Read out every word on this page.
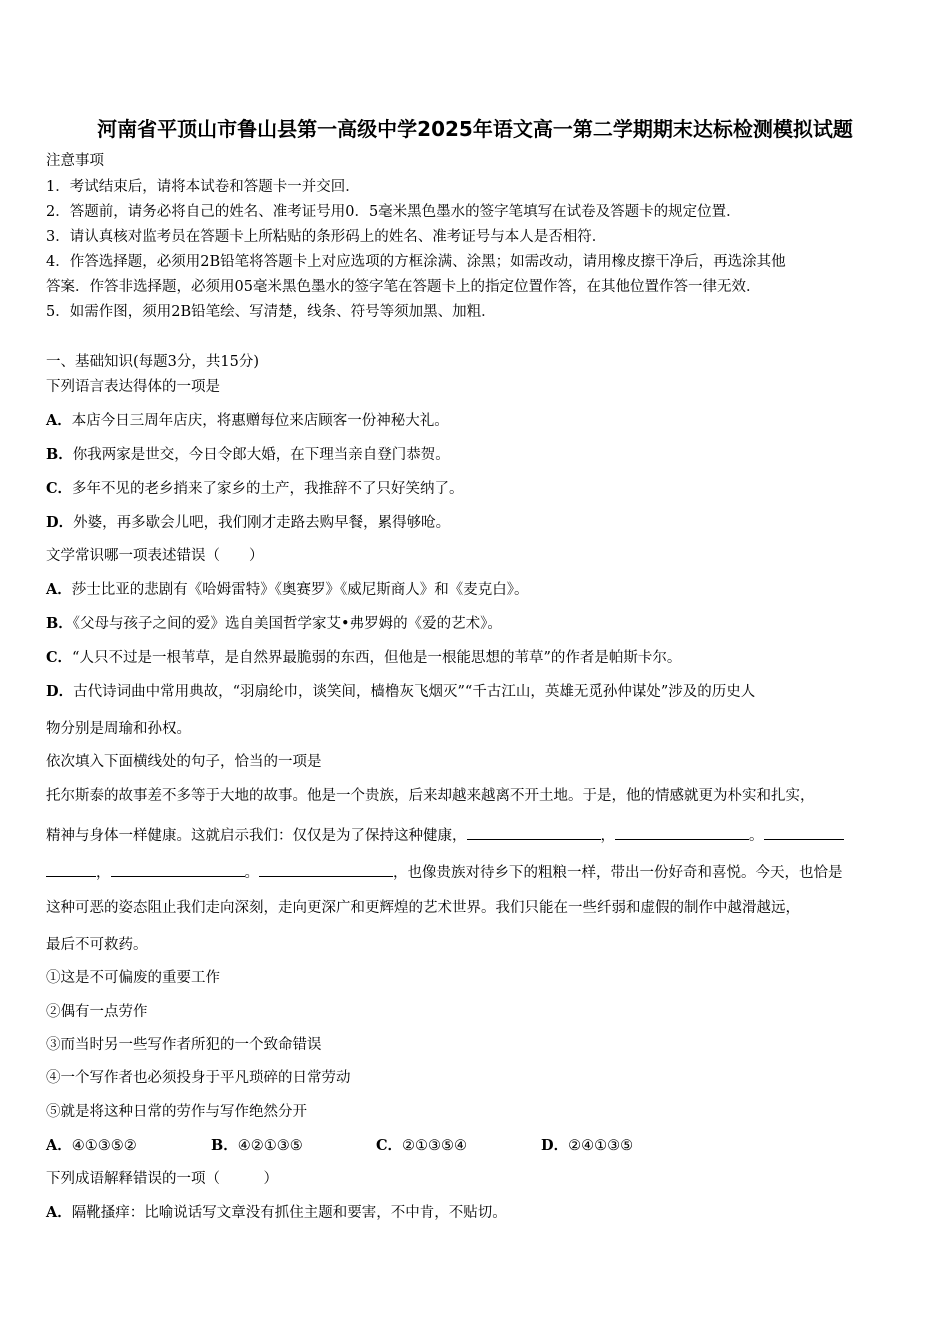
河南省平顶山市鲁山县第一高级中学2025年语文高一第二学期期末达标检测模拟试题
注意事项
1．考试结束后，请将本试卷和答题卡一并交回．
2．答题前，请务必将自己的姓名、准考证号用0．5毫米黑色墨水的签字笔填写在试卷及答题卡的规定位置．
3．请认真核对监考员在答题卡上所粘贴的条形码上的姓名、准考证号与本人是否相符．
4．作答选择题，必须用2B铅笔将答题卡上对应选项的方框涂满、涂黑；如需改动，请用橡皮擦干净后，再选涂其他
答案．作答非选择题，必须用05毫米黑色墨水的签字笔在答题卡上的指定位置作答，在其他位置作答一律无效．
5．如需作图，须用2B铅笔绘、写清楚，线条、符号等须加黑、加粗．
一、基础知识(每题3分，共15分)
下列语言表达得体的一项是
A．本店今日三周年店庆，将惠赠每位来店顾客一份神秘大礼。
B．你我两家是世交，今日令郎大婚，在下理当亲自登门恭贺。
C．多年不见的老乡捎来了家乡的土产，我推辞不了只好笑纳了。
D．外婆，再多歇会儿吧，我们刚才走路去购早餐，累得够呛。
文学常识哪一项表述错误（　　）
A．莎士比亚的悲剧有《哈姆雷特》《奥赛罗》《威尼斯商人》和《麦克白》。
B．《父母与孩子之间的爱》选自美国哲学家艾•弗罗姆的《爱的艺术》。
C．“人只不过是一根苇草，是自然界最脆弱的东西，但他是一根能思想的苇草”的作者是帕斯卡尔。
D．古代诗词曲中常用典故，“羽扇纶巾，谈笑间，樯橹灰飞烟灭”“千古江山，英雄无觅孙仲谋处”涉及的历史人
物分别是周瑜和孙权。
依次填入下面横线处的句子，恰当的一项是
托尔斯泰的故事差不多等于大地的故事。他是一个贵族，后来却越来越离不开土地。于是，他的情感就更为朴实和扎实，
精神与身体一样健康。这就启示我们：仅仅是为了保持这种健康，	，	。
，	。	，也像贵族对待乡下的粗粮一样，带出一份好奇和喜悦。今天，也恰是
这种可恶的姿态阻止我们走向深刻，走向更深广和更辉煌的艺术世界。我们只能在一些纤弱和虚假的制作中越滑越远，
最后不可救药。
①这是不可偏废的重要工作
②偶有一点劳作
③而当时另一些写作者所犯的一个致命错误
④一个写作者也必须投身于平凡琐碎的日常劳动
⑤就是将这种日常的劳作与写作绝然分开
A．④①③⑤②	B．④②①③⑤	C．②①③⑤④	D．②④①③⑤
下列成语解释错误的一项（　　　）
A．隔靴搔痒：比喻说话写文章没有抓住主题和要害，不中肯，不贴切。
